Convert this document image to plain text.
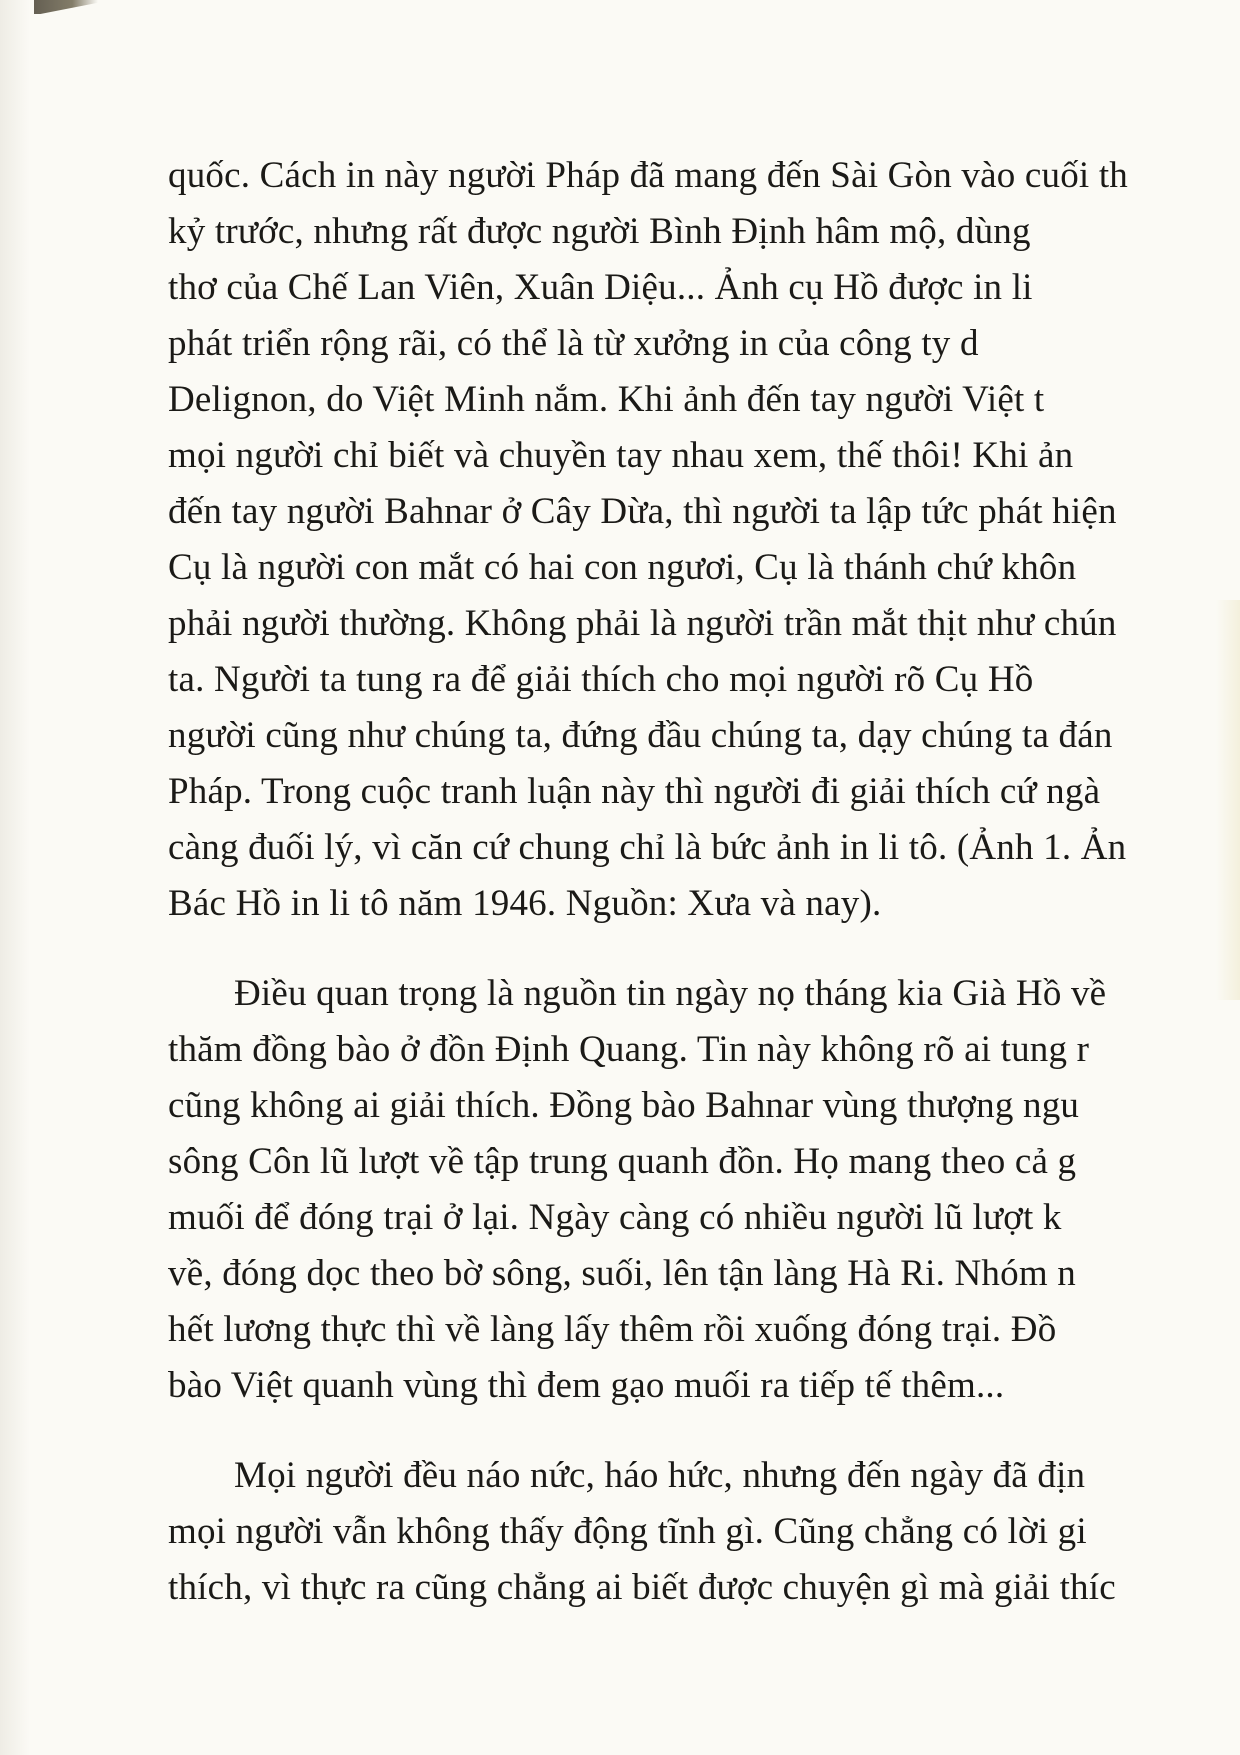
quốc. Cách in này người Pháp đã mang đến Sài Gòn vào cuối th
kỷ trước, nhưng rất được người Bình Định hâm mộ, dùng
thơ của Chế Lan Viên, Xuân Diệu... Ảnh cụ Hồ được in li
phát triển rộng rãi, có thể là từ xưởng in của công ty d
Delignon, do Việt Minh nắm. Khi ảnh đến tay người Việt t
mọi người chỉ biết và chuyền tay nhau xem, thế thôi! Khi ản
đến tay người Bahnar ở Cây Dừa, thì người ta lập tức phát hiện
Cụ là người con mắt có hai con ngươi, Cụ là thánh chứ khôn
phải người thường. Không phải là người trần mắt thịt như chún
ta. Người ta tung ra để giải thích cho mọi người rõ Cụ Hồ
người cũng như chúng ta, đứng đầu chúng ta, dạy chúng ta đán
Pháp. Trong cuộc tranh luận này thì người đi giải thích cứ ngà
càng đuối lý, vì căn cứ chung chỉ là bức ảnh in li tô. (Ảnh 1. Ản
Bác Hồ in li tô năm 1946. Nguồn: Xưa và nay).

Điều quan trọng là nguồn tin ngày nọ tháng kia Già Hồ về
thăm đồng bào ở đồn Định Quang. Tin này không rõ ai tung r
cũng không ai giải thích. Đồng bào Bahnar vùng thượng ngu
sông Côn lũ lượt về tập trung quanh đồn. Họ mang theo cả g
muối để đóng trại ở lại. Ngày càng có nhiều người lũ lượt k
về, đóng dọc theo bờ sông, suối, lên tận làng Hà Ri. Nhóm n
hết lương thực thì về làng lấy thêm rồi xuống đóng trại. Đồ
bào Việt quanh vùng thì đem gạo muối ra tiếp tế thêm...

Mọi người đều náo nức, háo hức, nhưng đến ngày đã địn
mọi người vẫn không thấy động tĩnh gì. Cũng chẳng có lời gi
thích, vì thực ra cũng chẳng ai biết được chuyện gì mà giải thíc
